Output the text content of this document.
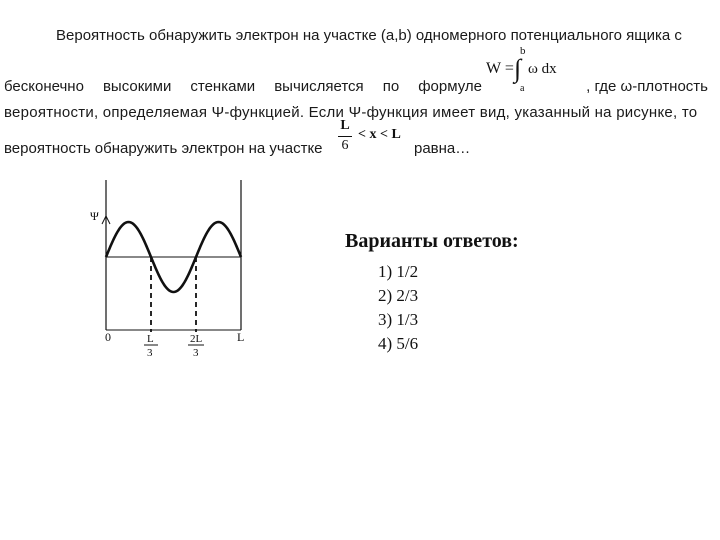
Вероятность обнаружить электрон на участке (a,b) одномерного потенциального ящика с
b
W = ∫ ω dx
a
бесконечно высокими стенками вычисляется по формуле	, где ω-плотность
вероятности, определяемая Ψ-функцией. Если Ψ-функция имеет вид, указанный на рисунке, то
вероятность обнаружить электрон на участке
L
6
< x < L
равна…
Ψ
0	L
L
3
2L
3
Варианты ответов:
1) 1/2
2) 2/3
3) 1/3
4) 5/6
